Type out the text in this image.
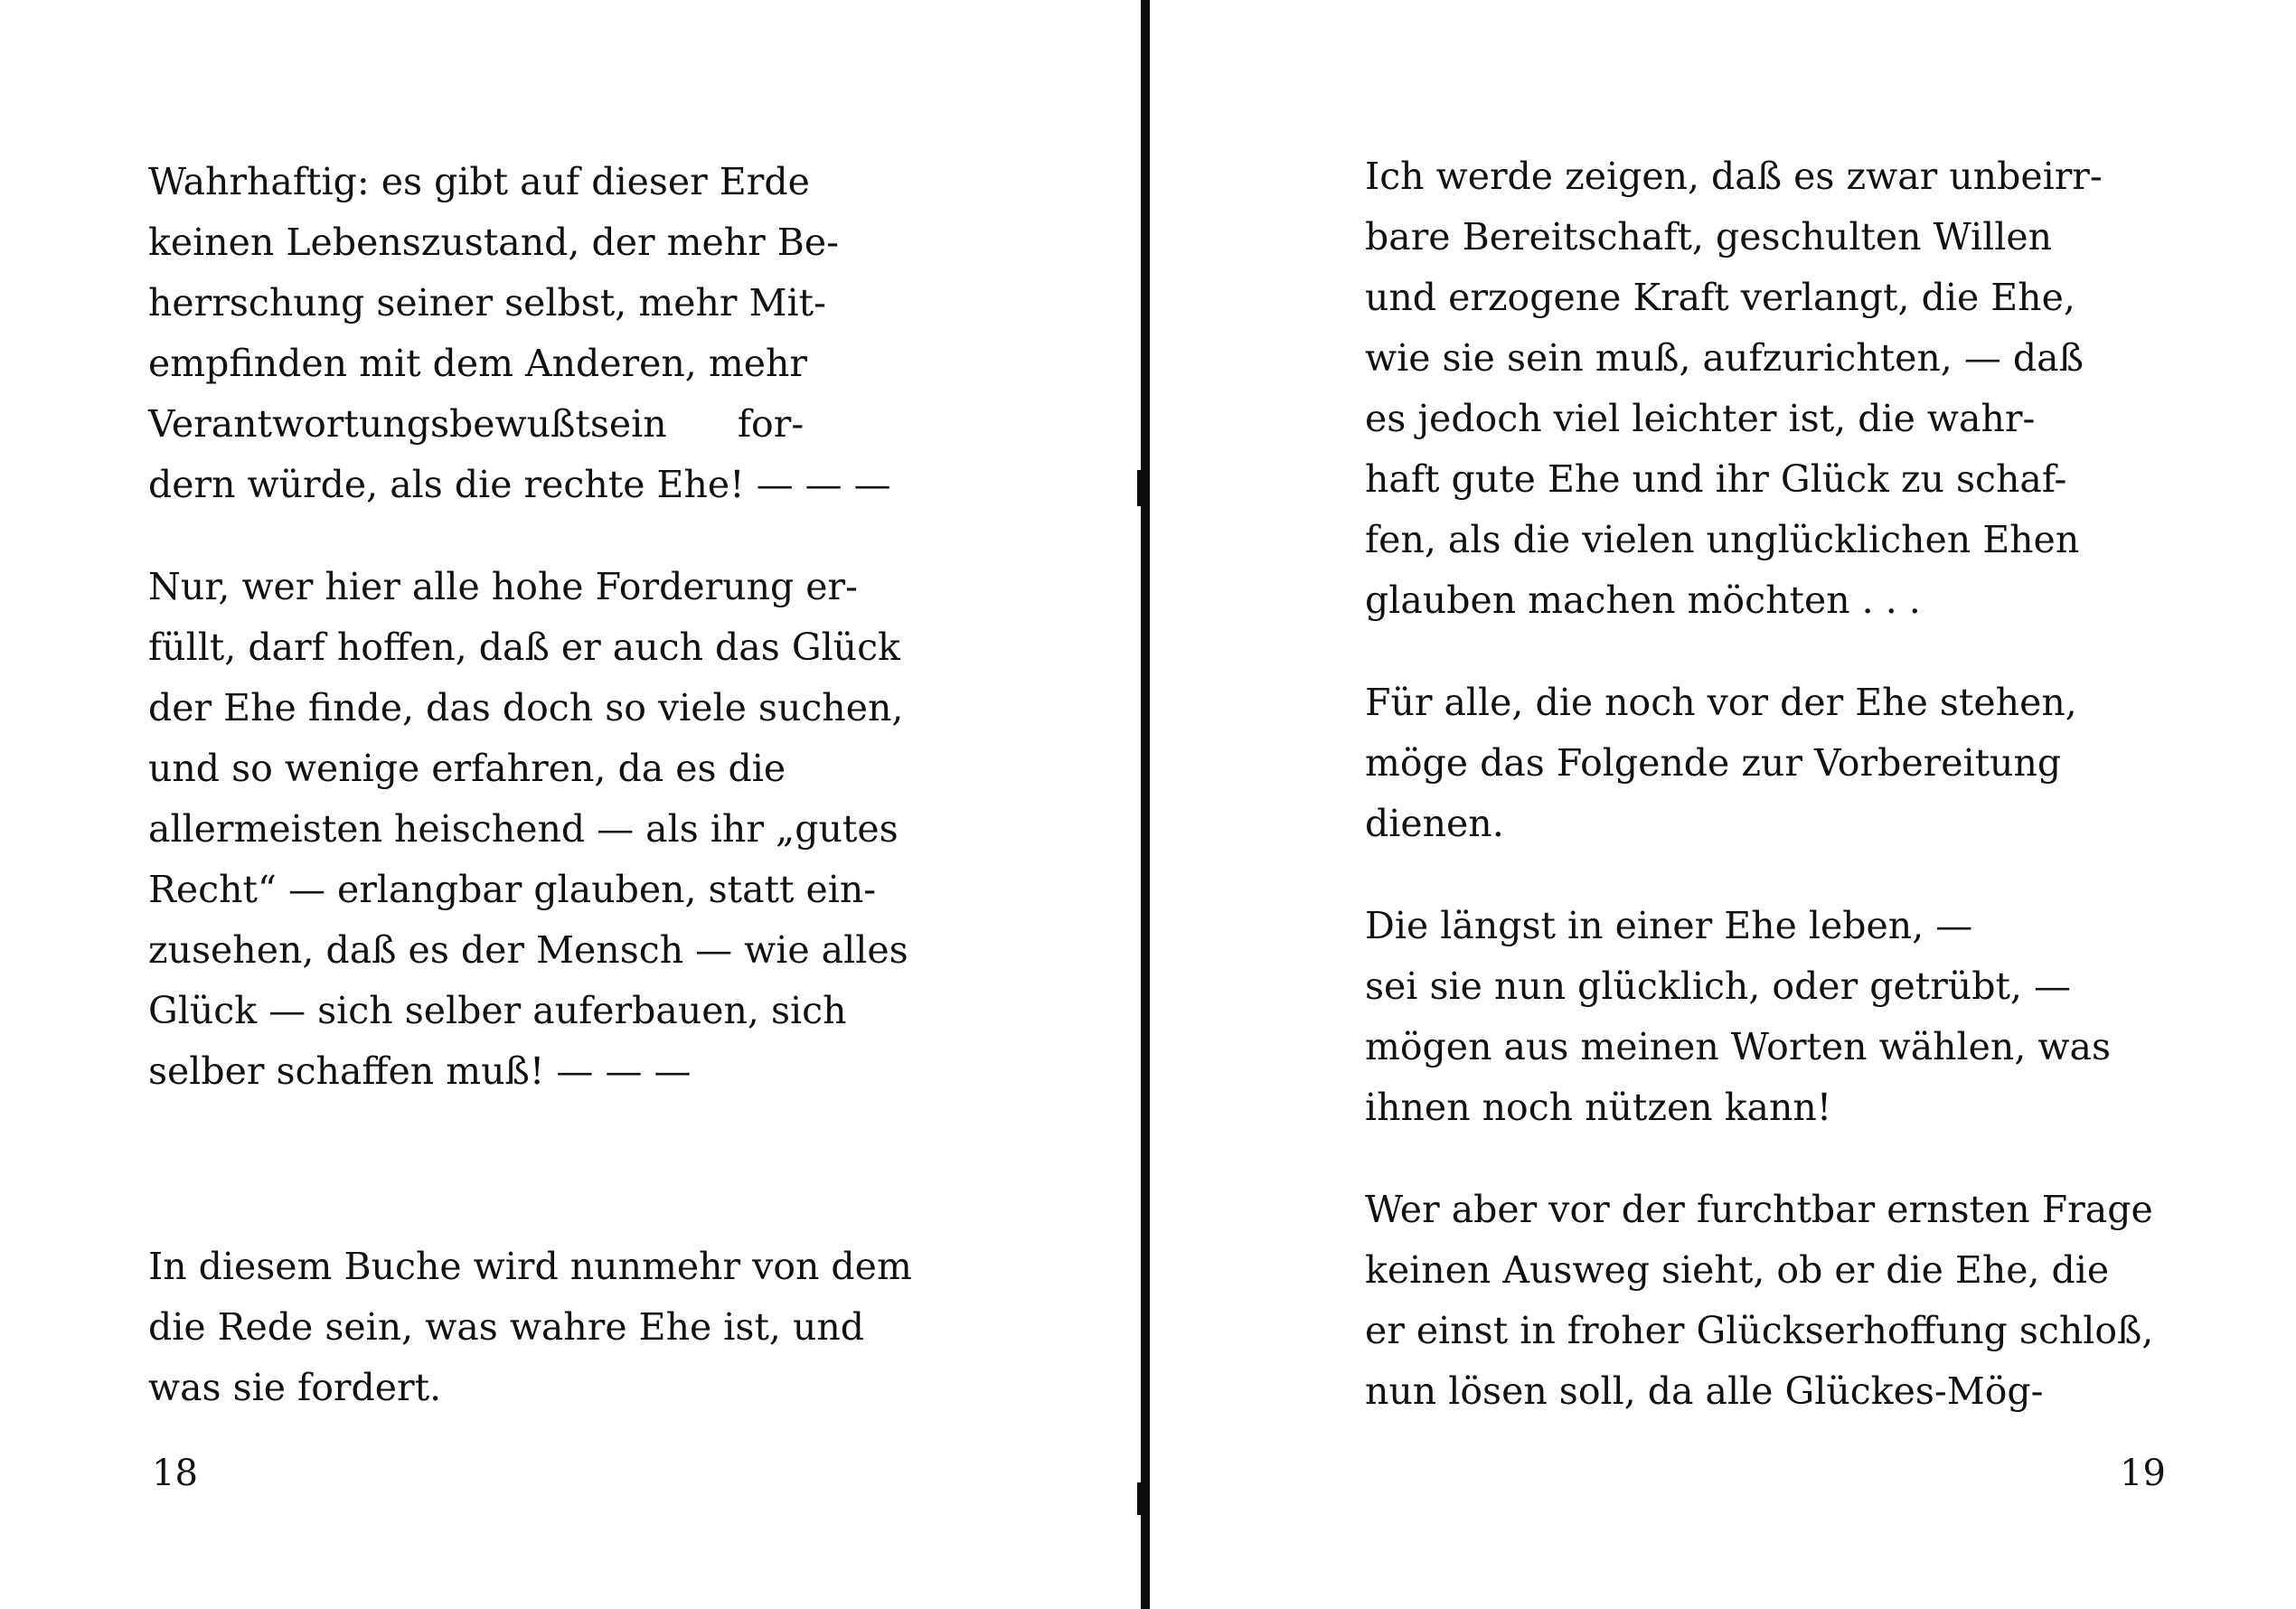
Wahrhaftig: es gibt auf dieser Erde
keinen Lebenszustand, der mehr Be-
herrschung seiner selbst, mehr Mit-
empfinden mit dem Anderen, mehr
Verantwortungsbewußtsein      for-
dern würde, als die rechte Ehe! — — —

Nur, wer hier alle hohe Forderung er-
füllt, darf hoffen, daß er auch das Glück
der Ehe finde, das doch so viele suchen,
und so wenige erfahren, da es die
allermeisten heischend — als ihr „gutes
Recht“ — erlangbar glauben, statt ein-
zusehen, daß es der Mensch — wie alles
Glück — sich selber auferbauen, sich
selber schaffen muß! — — —

In diesem Buche wird nunmehr von dem
die Rede sein, was wahre Ehe ist, und
was sie fordert.

18

Ich werde zeigen, daß es zwar unbeirr-
bare Bereitschaft, geschulten Willen
und erzogene Kraft verlangt, die Ehe,
wie sie sein muß, aufzurichten, — daß
es jedoch viel leichter ist, die wahr-
haft gute Ehe und ihr Glück zu schaf-
fen, als die vielen unglücklichen Ehen
glauben machen möchten . . .

Für alle, die noch vor der Ehe stehen,
möge das Folgende zur Vorbereitung
dienen.

Die längst in einer Ehe leben, —
sei sie nun glücklich, oder getrübt, —
mögen aus meinen Worten wählen, was
ihnen noch nützen kann!

Wer aber vor der furchtbar ernsten Frage
keinen Ausweg sieht, ob er die Ehe, die
er einst in froher Glückserhoffung schloß,
nun lösen soll, da alle Glückes-Mög-

19
